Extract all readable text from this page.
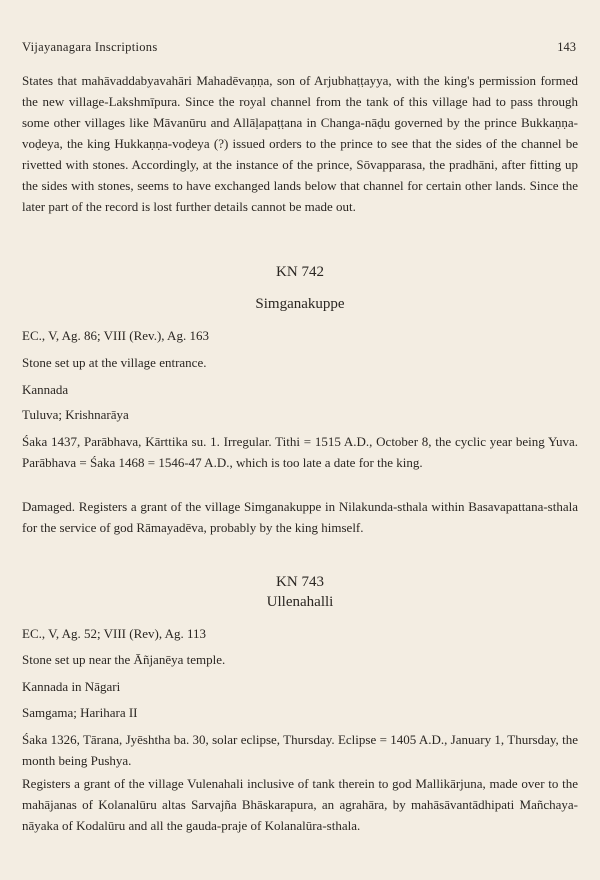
Vijayanagara Inscriptions	143

States that mahāvaddabyavahāri Mahadēvaṇṇa, son of Arjubhaṭṭayya, with the king's permission formed the new village-Lakshmīpura. Since the royal channel from the tank of this village had to pass through some other villages like Māvanūru and Allāḷapaṭṭana in Changa-nāḍu governed by the prince Bukkaṇṇa-voḍeya, the king Hukkaṇṇa-voḍeya (?) issued orders to the prince to see that the sides of the channel be rivetted with stones. Accordingly, at the instance of the prince, Sōvapparasa, the pradhāni, after fitting up the sides with stones, seems to have exchanged lands below that channel for certain other lands. Since the later part of the record is lost further details cannot be made out.

KN 742
Simganakuppe
EC., V, Ag. 86; VIII (Rev.), Ag. 163
Stone set up at the village entrance.
Kannada
Tuluva; Krishnarāya

Śaka 1437, Parābhava, Kārttika su. 1. Irregular. Tithi = 1515 A.D., October 8, the cyclic year being Yuva. Parābhava = Śaka 1468 = 1546-47 A.D., which is too late a date for the king.

Damaged. Registers a grant of the village Simganakuppe in Nilakunda-sthala within Basavapattana-sthala for the service of god Rāmayadēva, probably by the king himself.

KN 743
Ullenahalli
EC., V, Ag. 52; VIII (Rev), Ag. 113
Stone set up near the Āñjanēya temple.
Kannada in Nāgari
Samgama; Harihara II

Śaka 1326, Tārana, Jyēshtha ba. 30, solar eclipse, Thursday. Eclipse = 1405 A.D., January 1, Thursday, the month being Pushya.

Registers a grant of the village Vulenahali inclusive of tank therein to god Mallikārjuna, made over to the mahājanas of Kolanalūru altas Sarvajña Bhāskarapura, an agrahāra, by mahāsāvantādhipati Mañchaya-nāyaka of Kodalūru and all the gauda-praje of Kolanalūra-sthala.
